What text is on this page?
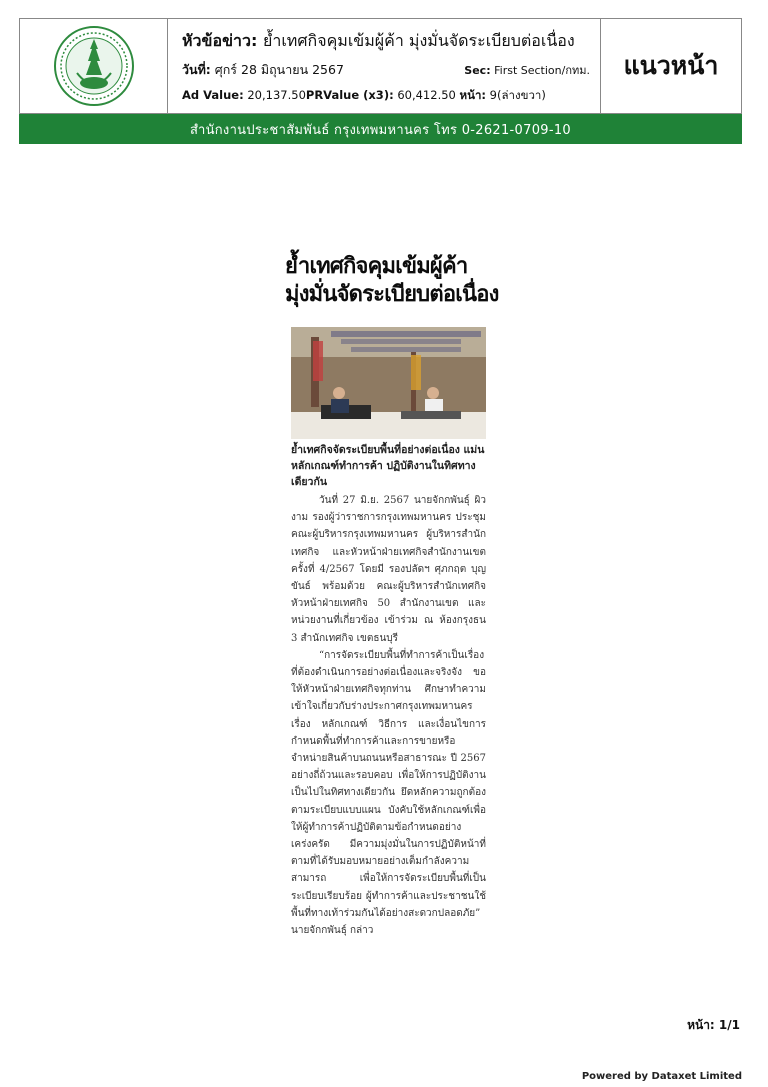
หัวข้อข่าว: ย้ำเทศกิจคุมเข้มผู้ค้า มุ่งมั่นจัดระเบียบต่อเนื่อง
วันที่: ศุกร์ 28 มิถุนายน 2567	Sec: First Section/กทม.
Ad Value: 20,137.50PRValue (x3): 60,412.50 หน้า: 9(ล่างขวา)
แนวหน้า
สำนักงานประชาสัมพันธ์ กรุงเทพมหานคร โทร 0-2621-0709-10
ย้ำเทศกิจคุมเข้มผู้ค้า
มุ่งมั่นจัดระเบียบต่อเนื่อง
ย้ำเทศกิจจัดระเบียบพื้นที่อย่างต่อเนื่อง แม่นหลักเกณฑ์ทำการค้า ปฏิบัติงานในทิศทางเดียวกัน

วันที่ 27 มิ.ย. 2567 นายจักกพันธุ์ ผิวงาม รองผู้ว่าราชการกรุงเทพมหานคร ประชุมคณะผู้บริหารกรุงเทพมหานคร ผู้บริหารสำนักเทศกิจ และหัวหน้าฝ่ายเทศกิจสำนักงานเขต ครั้งที่ 4/2567 โดยมี รองปลัดฯ ศุภกฤต บุญขันธ์ พร้อมด้วย คณะผู้บริหารสำนักเทศกิจ หัวหน้าฝ่ายเทศกิจ 50 สำนักงานเขต และหน่วยงานที่เกี่ยวข้อง เข้าร่วม ณ ห้องกรุงธน 3 สำนักเทศกิจ เขตธนบุรี

“การจัดระเบียบพื้นที่ทำการค้าเป็นเรื่องที่ต้องดำเนินการอย่างต่อเนื่องและจริงจัง ขอให้หัวหน้าฝ่ายเทศกิจทุกท่าน ศึกษาทำความเข้าใจเกี่ยวกับร่างประกาศกรุงเทพมหานคร เรื่อง หลักเกณฑ์ วิธีการ และเงื่อนไขการกำหนดพื้นที่ทำการค้าและการขายหรือจำหน่ายสินค้าบนถนนหรือสาธารณะ ปี 2567 อย่างถี่ถ้วนและรอบคอบ เพื่อให้การปฏิบัติงานเป็นไปในทิศทางเดียวกัน ยึดหลักความถูกต้องตามระเบียบแบบแผน บังคับใช้หลักเกณฑ์เพื่อให้ผู้ทำการค้าปฏิบัติตามข้อกำหนดอย่างเคร่งครัด มีความมุ่งมั่นในการปฏิบัติหน้าที่ตามที่ได้รับมอบหมายอย่างเต็มกำลังความสามารถ เพื่อให้การจัดระเบียบพื้นที่เป็นระเบียบเรียบร้อย ผู้ทำการค้าและประชาชนใช้พื้นที่ทางเท้าร่วมกันได้อย่างสะดวกปลอดภัย” นายจักกพันธุ์ กล่าว

หน้า: 1/1
Powered by Dataxet Limited
